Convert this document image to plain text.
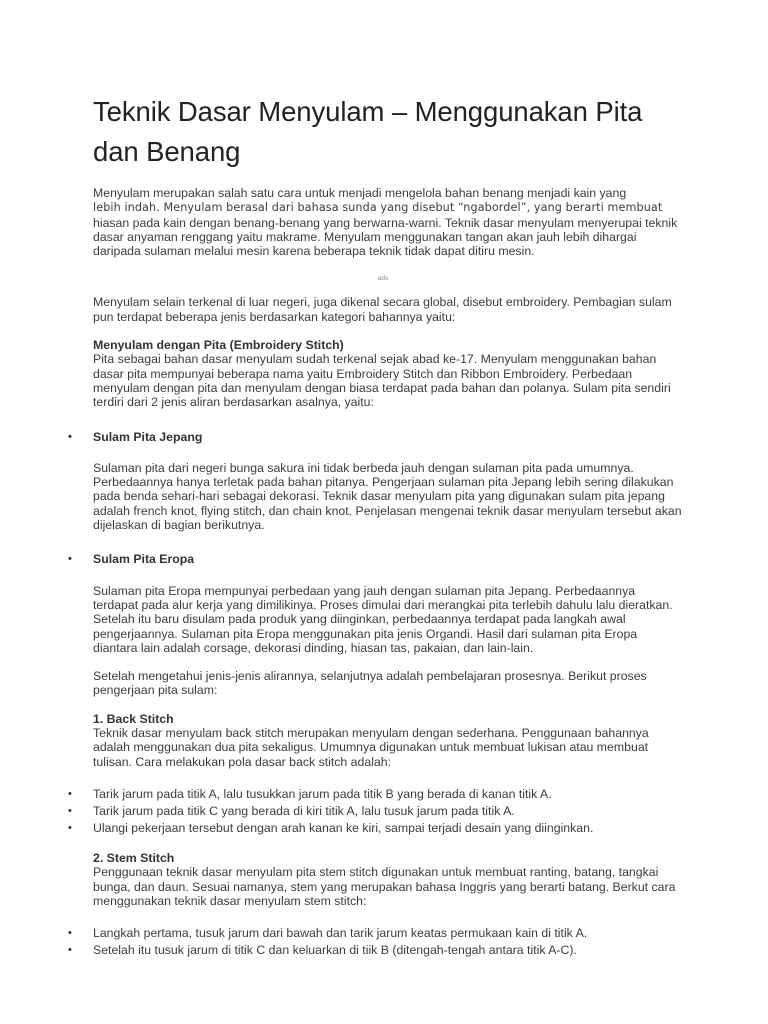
Teknik Dasar Menyulam – Menggunakan Pita dan Benang

Menyulam merupakan salah satu cara untuk menjadi mengelola bahan benang menjadi kain yang
lebih indah. Menyulam berasal dari bahasa sunda yang disebut “ngabordel”, yang berarti membuat
hiasan pada kain dengan benang-benang yang berwarna-warni. Teknik dasar menyulam menyerupai teknik dasar anyaman renggang yaitu makrame. Menyulam menggunakan tangan akan jauh lebih dihargai daripada sulaman melalui mesin karena beberapa teknik tidak dapat ditiru mesin.

ads

Menyulam selain terkenal di luar negeri, juga dikenal secara global, disebut embroidery. Pembagian sulam pun terdapat beberapa jenis berdasarkan kategori bahannya yaitu:

Menyulam dengan Pita (Embroidery Stitch)

Pita sebagai bahan dasar menyulam sudah terkenal sejak abad ke-17. Menyulam menggunakan bahan dasar pita mempunyai beberapa nama yaitu Embroidery Stitch dan Ribbon Embroidery. Perbedaan menyulam dengan pita dan menyulam dengan biasa terdapat pada bahan dan polanya. Sulam pita sendiri terdiri dari 2 jenis aliran berdasarkan asalnya, yaitu:

• Sulam Pita Jepang

Sulaman pita dari negeri bunga sakura ini tidak berbeda jauh dengan sulaman pita pada umumnya. Perbedaannya hanya terletak pada bahan pitanya. Pengerjaan sulaman pita Jepang lebih sering dilakukan pada benda sehari-hari sebagai dekorasi. Teknik dasar menyulam pita yang digunakan sulam pita jepang adalah french knot, flying stitch, dan chain knot. Penjelasan mengenai teknik dasar menyulam tersebut akan dijelaskan di bagian berikutnya.

• Sulam Pita Eropa

Sulaman pita Eropa mempunyai perbedaan yang jauh dengan sulaman pita Jepang. Perbedaannya terdapat pada alur kerja yang dimilikinya. Proses dimulai dari merangkai pita terlebih dahulu lalu dieratkan. Setelah itu baru disulam pada produk yang diinginkan, perbedaannya terdapat pada langkah awal pengerjaannya. Sulaman pita Eropa menggunakan pita jenis Organdi. Hasil dari sulaman pita Eropa diantara lain adalah corsage, dekorasi dinding, hiasan tas, pakaian, dan lain-lain.

Setelah mengetahui jenis-jenis alirannya, selanjutnya adalah pembelajaran prosesnya. Berikut proses pengerjaan pita sulam:

1. Back Stitch

Teknik dasar menyulam back stitch merupakan menyulam dengan sederhana. Penggunaan bahannya adalah menggunakan dua pita sekaligus. Umumnya digunakan untuk membuat lukisan atau membuat tulisan. Cara melakukan pola dasar back stitch adalah:

• Tarik jarum pada titik A, lalu tusukkan jarum pada titik B yang berada di kanan titik A.
• Tarik jarum pada titik C yang berada di kiri titik A, lalu tusuk jarum pada titik A.
• Ulangi pekerjaan tersebut dengan arah kanan ke kiri, sampai terjadi desain yang diinginkan.
2. Stem Stitch

Penggunaan teknik dasar menyulam pita stem stitch digunakan untuk membuat ranting, batang, tangkai bunga, dan daun. Sesuai namanya, stem yang merupakan bahasa Inggris yang berarti batang. Berkut cara menggunakan teknik dasar menyulam stem stitch:

• Langkah pertama, tusuk jarum dari bawah dan tarik jarum keatas permukaan kain di titik A.
• Setelah itu tusuk jarum di titik C dan keluarkan di tiik B (ditengah-tengah antara titik A-C).
